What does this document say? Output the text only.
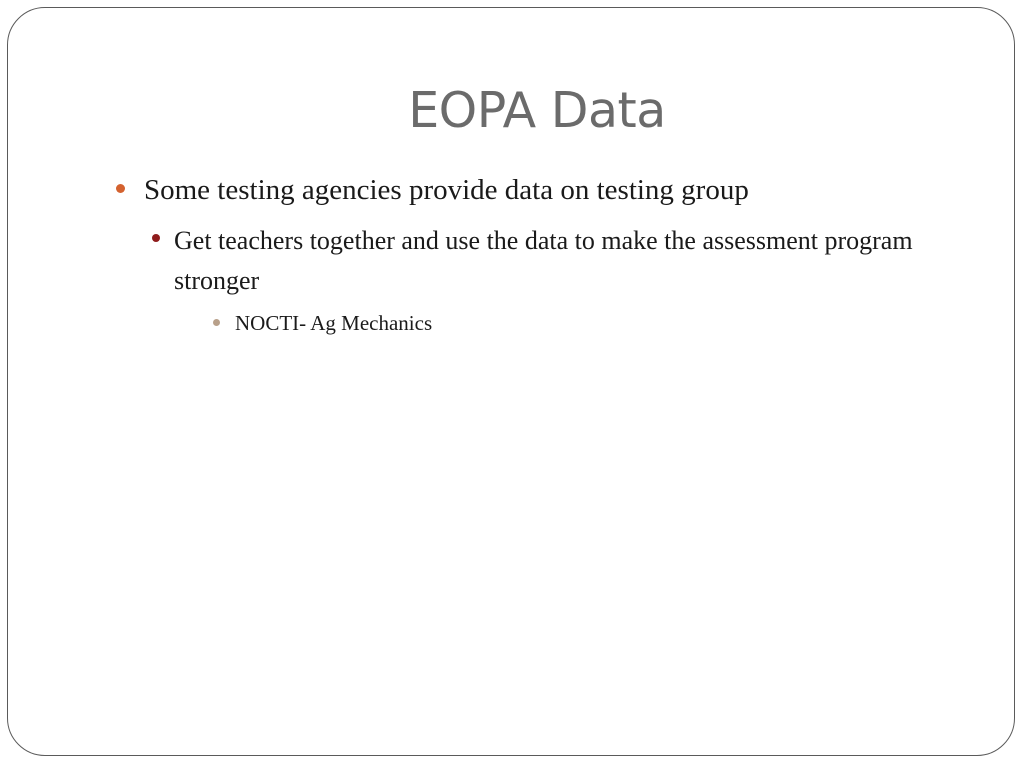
EOPA Data
Some testing agencies provide data on testing group
Get teachers together and use the data to make the assessment program stronger
NOCTI- Ag Mechanics
